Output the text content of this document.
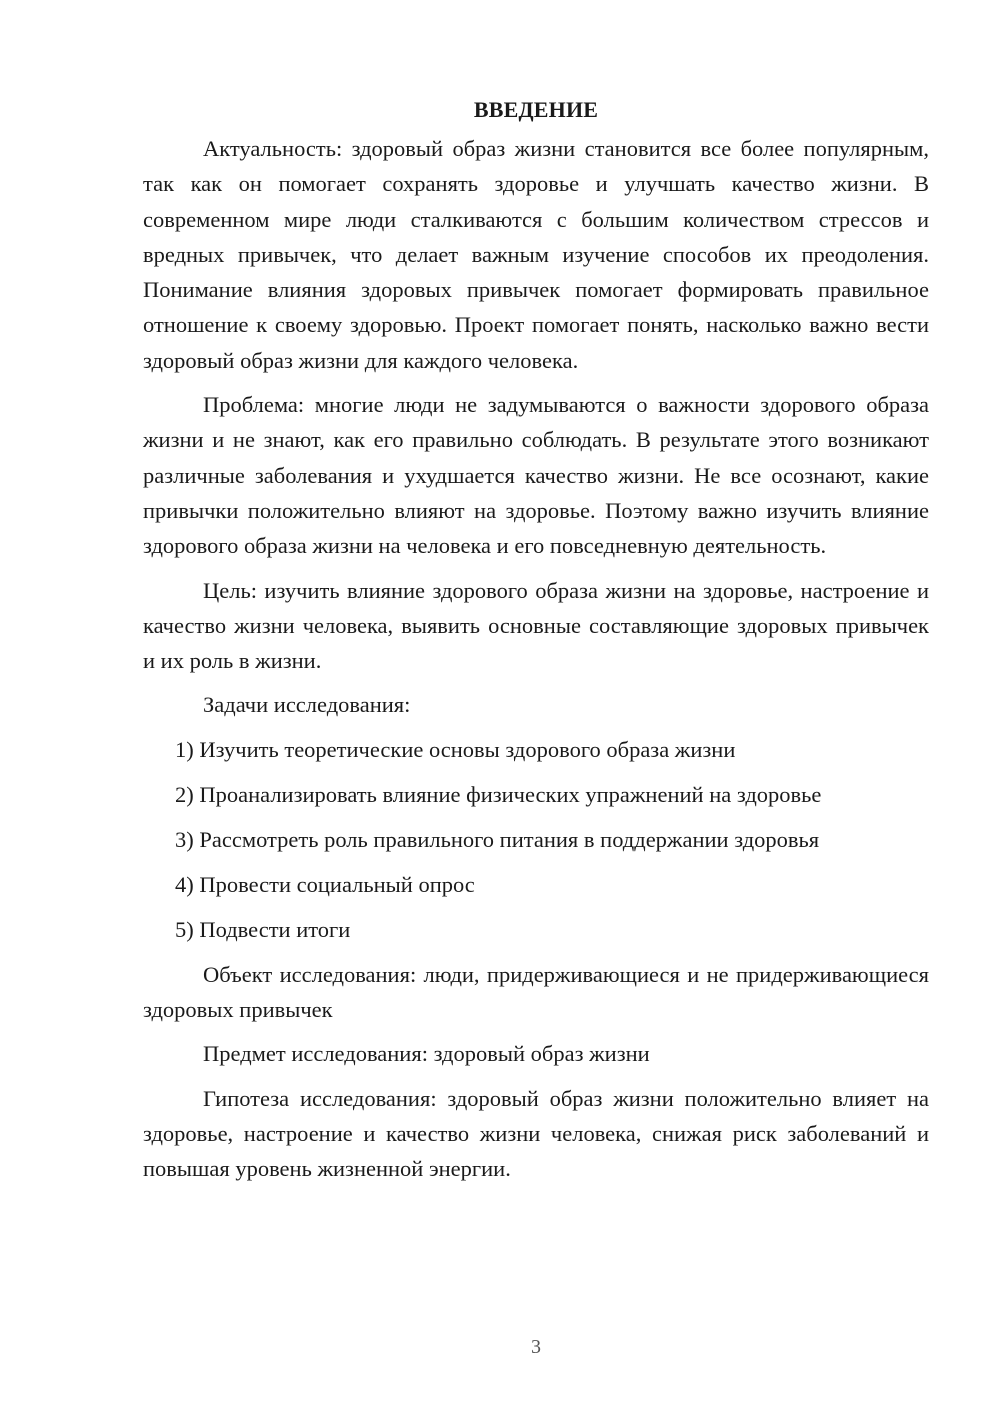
ВВЕДЕНИЕ

Актуальность: здоровый образ жизни становится все более популярным, так как он помогает сохранять здоровье и улучшать качество жизни. В современном мире люди сталкиваются с большим количеством стрессов и вредных привычек, что делает важным изучение способов их преодоления. Понимание влияния здоровых привычек помогает формировать правильное отношение к своему здоровью. Проект помогает понять, насколько важно вести здоровый образ жизни для каждого человека.

Проблема: многие люди не задумываются о важности здорового образа жизни и не знают, как его правильно соблюдать. В результате этого возникают различные заболевания и ухудшается качество жизни. Не все осознают, какие привычки положительно влияют на здоровье. Поэтому важно изучить влияние здорового образа жизни на человека и его повседневную деятельность.

Цель: изучить влияние здорового образа жизни на здоровье, настроение и качество жизни человека, выявить основные составляющие здоровых привычек и их роль в жизни.

Задачи исследования:

1) Изучить теоретические основы здорового образа жизни
2) Проанализировать влияние физических упражнений на здоровье
3) Рассмотреть роль правильного питания в поддержании здоровья
4) Провести социальный опрос
5) Подвести итоги

Объект исследования: люди, придерживающиеся и не придерживающиеся здоровых привычек

Предмет исследования: здоровый образ жизни

Гипотеза исследования: здоровый образ жизни положительно влияет на здоровье, настроение и качество жизни человека, снижая риск заболеваний и повышая уровень жизненной энергии.

3
